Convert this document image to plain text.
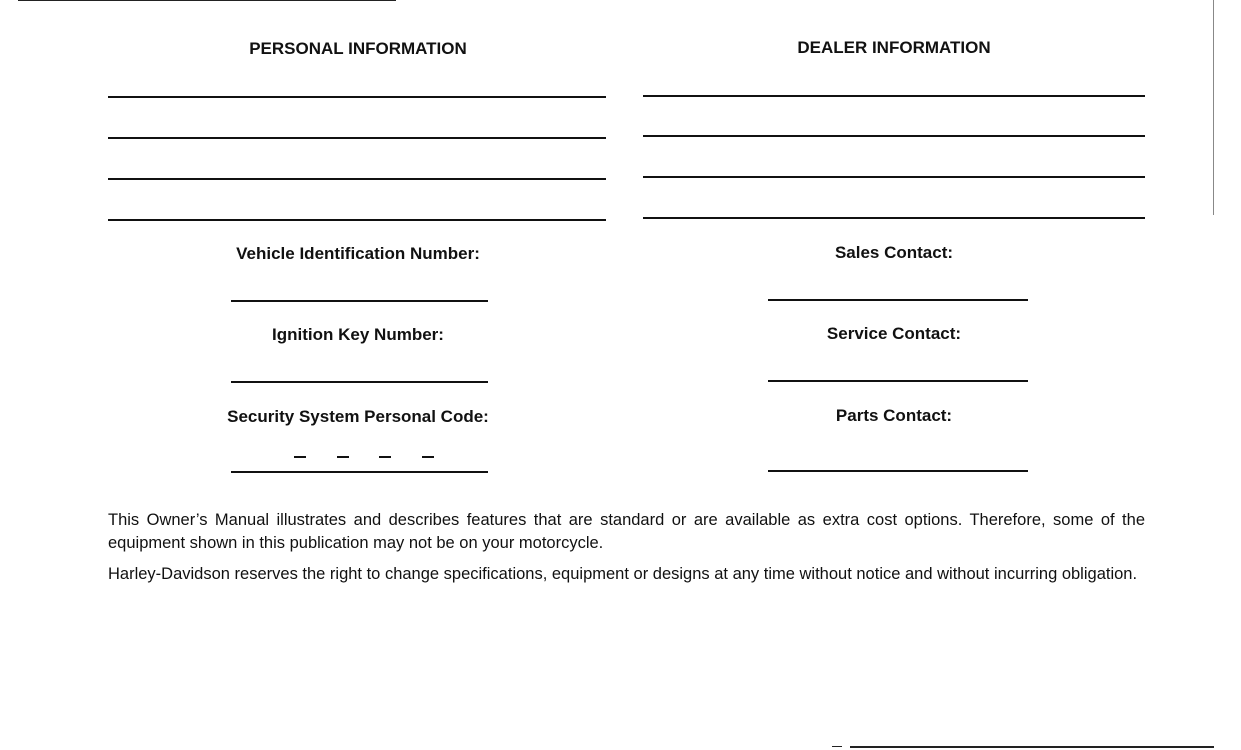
PERSONAL INFORMATION	DEALER INFORMATION
Vehicle Identification Number:
Ignition Key Number:
Security System Personal Code:
Sales Contact:
Service Contact:
Parts Contact:

This Owner’s Manual illustrates and describes features that are standard or are available as extra cost options. Therefore, some of the equipment shown in this publication may not be on your motorcycle.

Harley-Davidson reserves the right to change specifications, equipment or designs at any time without notice and without incurring obligation.
